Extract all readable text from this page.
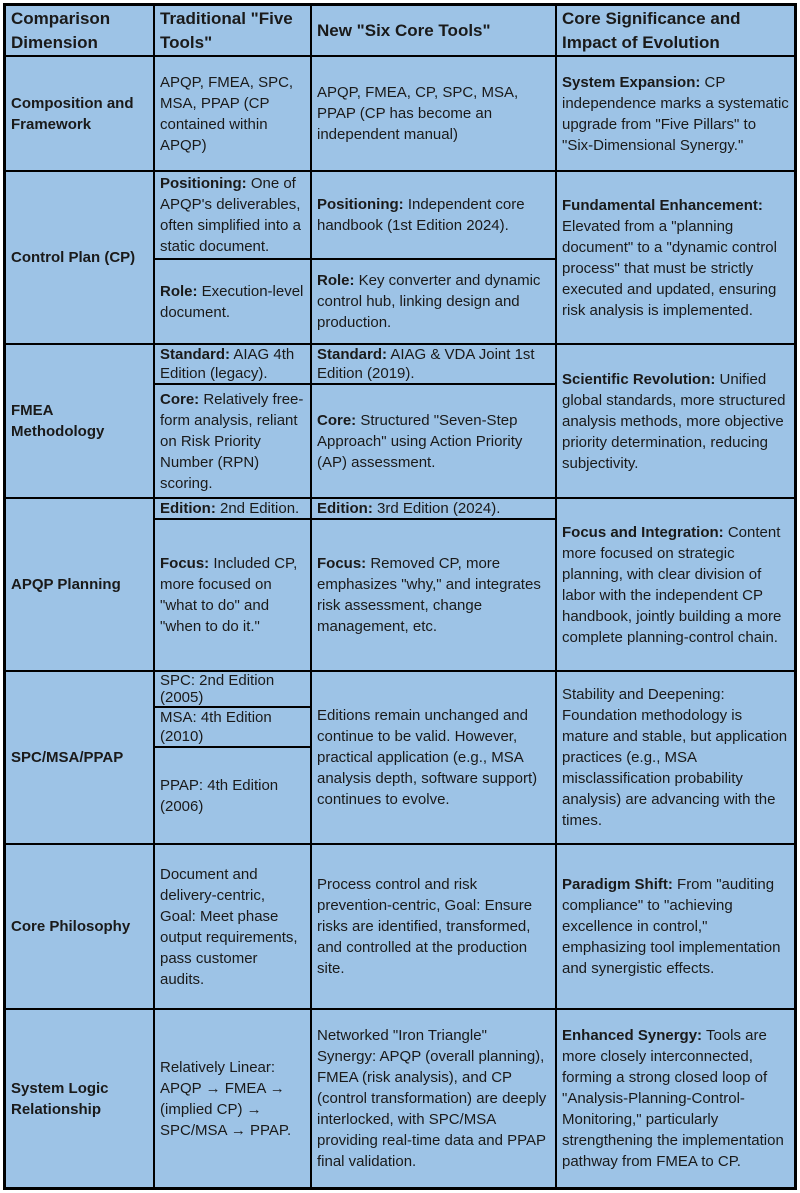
Comparison Dimension

Traditional "Five Tools"

New "Six Core Tools"

Core Significance and Impact of Evolution

Composition and Framework

APQP, FMEA, SPC, MSA, PPAP (CP contained within APQP)

APQP, FMEA, CP, SPC, MSA, PPAP (CP has become an independent manual)

System Expansion: CP independence marks a systematic upgrade from "Five Pillars" to "Six-Dimensional Synergy."

Control Plan (CP)

Positioning: One of APQP's deliverables, often simplified into a static document.

Role: Execution-level document.

Positioning: Independent core handbook (1st Edition 2024).

Role: Key converter and dynamic control hub, linking design and production.

Fundamental Enhancement: Elevated from a "planning document" to a "dynamic control process" that must be strictly executed and updated, ensuring risk analysis is implemented.

FMEA Methodology

Standard: AIAG 4th Edition (legacy).

Core: Relatively free-form analysis, reliant on Risk Priority Number (RPN) scoring.

Standard: AIAG & VDA Joint 1st Edition (2019).

Core: Structured "Seven-Step Approach" using Action Priority (AP) assessment.

Scientific Revolution: Unified global standards, more structured analysis methods, more objective priority determination, reducing subjectivity.

APQP Planning

Edition: 2nd Edition.

Focus: Included CP, more focused on "what to do" and "when to do it."

Edition: 3rd Edition (2024).

Focus: Removed CP, more emphasizes "why," and integrates risk assessment, change management, etc.

Focus and Integration: Content more focused on strategic planning, with clear division of labor with the independent CP handbook, jointly building a more complete planning-control chain.

SPC/MSA/PPAP

SPC: 2nd Edition (2005)

MSA: 4th Edition (2010)

PPAP: 4th Edition (2006)

Editions remain unchanged and continue to be valid. However, practical application (e.g., MSA analysis depth, software support) continues to evolve.

Stability and Deepening: Foundation methodology is mature and stable, but application practices (e.g., MSA misclassification probability analysis) are advancing with the times.

Core Philosophy

Document and delivery-centric, Goal: Meet phase output requirements, pass customer audits.

Process control and risk prevention-centric, Goal: Ensure risks are identified, transformed, and controlled at the production site.

Paradigm Shift: From "auditing compliance" to "achieving excellence in control," emphasizing tool implementation and synergistic effects.

System Logic Relationship

Relatively Linear: APQP → FMEA → (implied CP) → SPC/MSA → PPAP.

Networked "Iron Triangle" Synergy: APQP (overall planning), FMEA (risk analysis), and CP (control transformation) are deeply interlocked, with SPC/MSA providing real-time data and PPAP final validation.

Enhanced Synergy: Tools are more closely interconnected, forming a strong closed loop of "Analysis-Planning-Control-Monitoring," particularly strengthening the implementation pathway from FMEA to CP.
